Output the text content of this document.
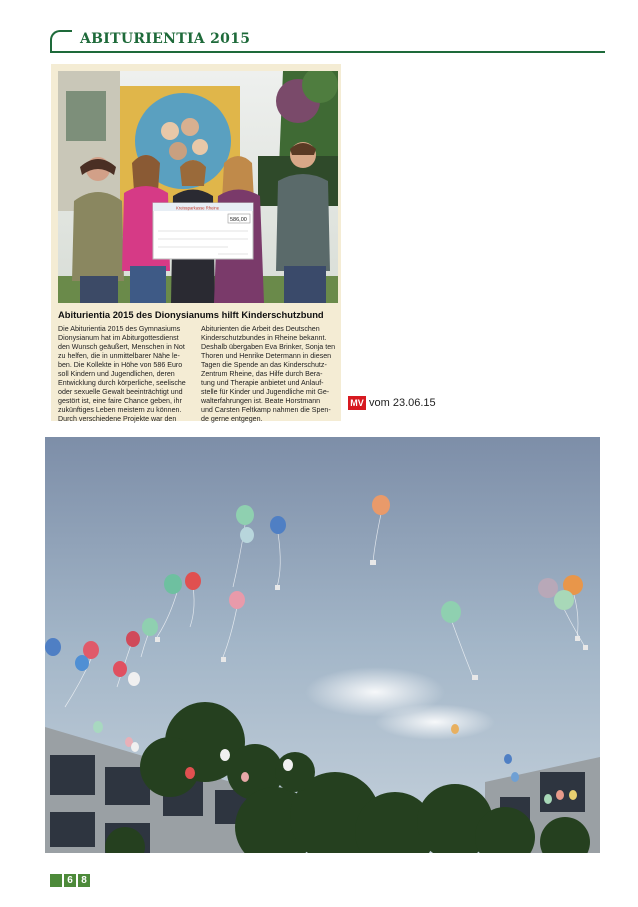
ABITURIENTIA 2015
Kreissparkasse Rheine
586,00
Abiturientia 2015 des Dionysianums hilft Kinderschutzbund
Die Abiturientia 2015 des Gymnasiums
Dionysianum hat im Abiturgottesdienst
den Wunsch geäußert, Menschen in Not
zu helfen, die in unmittelbarer Nähe le-
ben. Die Kollekte in Höhe von 586 Euro
soll Kindern und Jugendlichen, deren
Entwicklung durch körperliche, seelische
oder sexuelle Gewalt beeinträchtigt und
gestört ist, eine faire Chance geben, ihr
zukünftiges Leben meistern zu können.
Durch verschiedene Projekte war den
Abiturienten die Arbeit des Deutschen
Kinderschutzbundes in Rheine bekannt.
Deshalb übergaben Eva Brinker, Sonja ten
Thoren und Henrike Determann in diesen
Tagen die Spende an das Kinderschutz-
Zentrum Rheine, das Hilfe durch Bera-
tung und Therapie anbietet und Anlauf-
stelle für Kinder und Jugendliche mit Ge-
walterfahrungen ist. Beate Horstmann
und Carsten Feltkamp nahmen die Spen-
de gerne entgegen.
MV vom 23.06.15
6 8
